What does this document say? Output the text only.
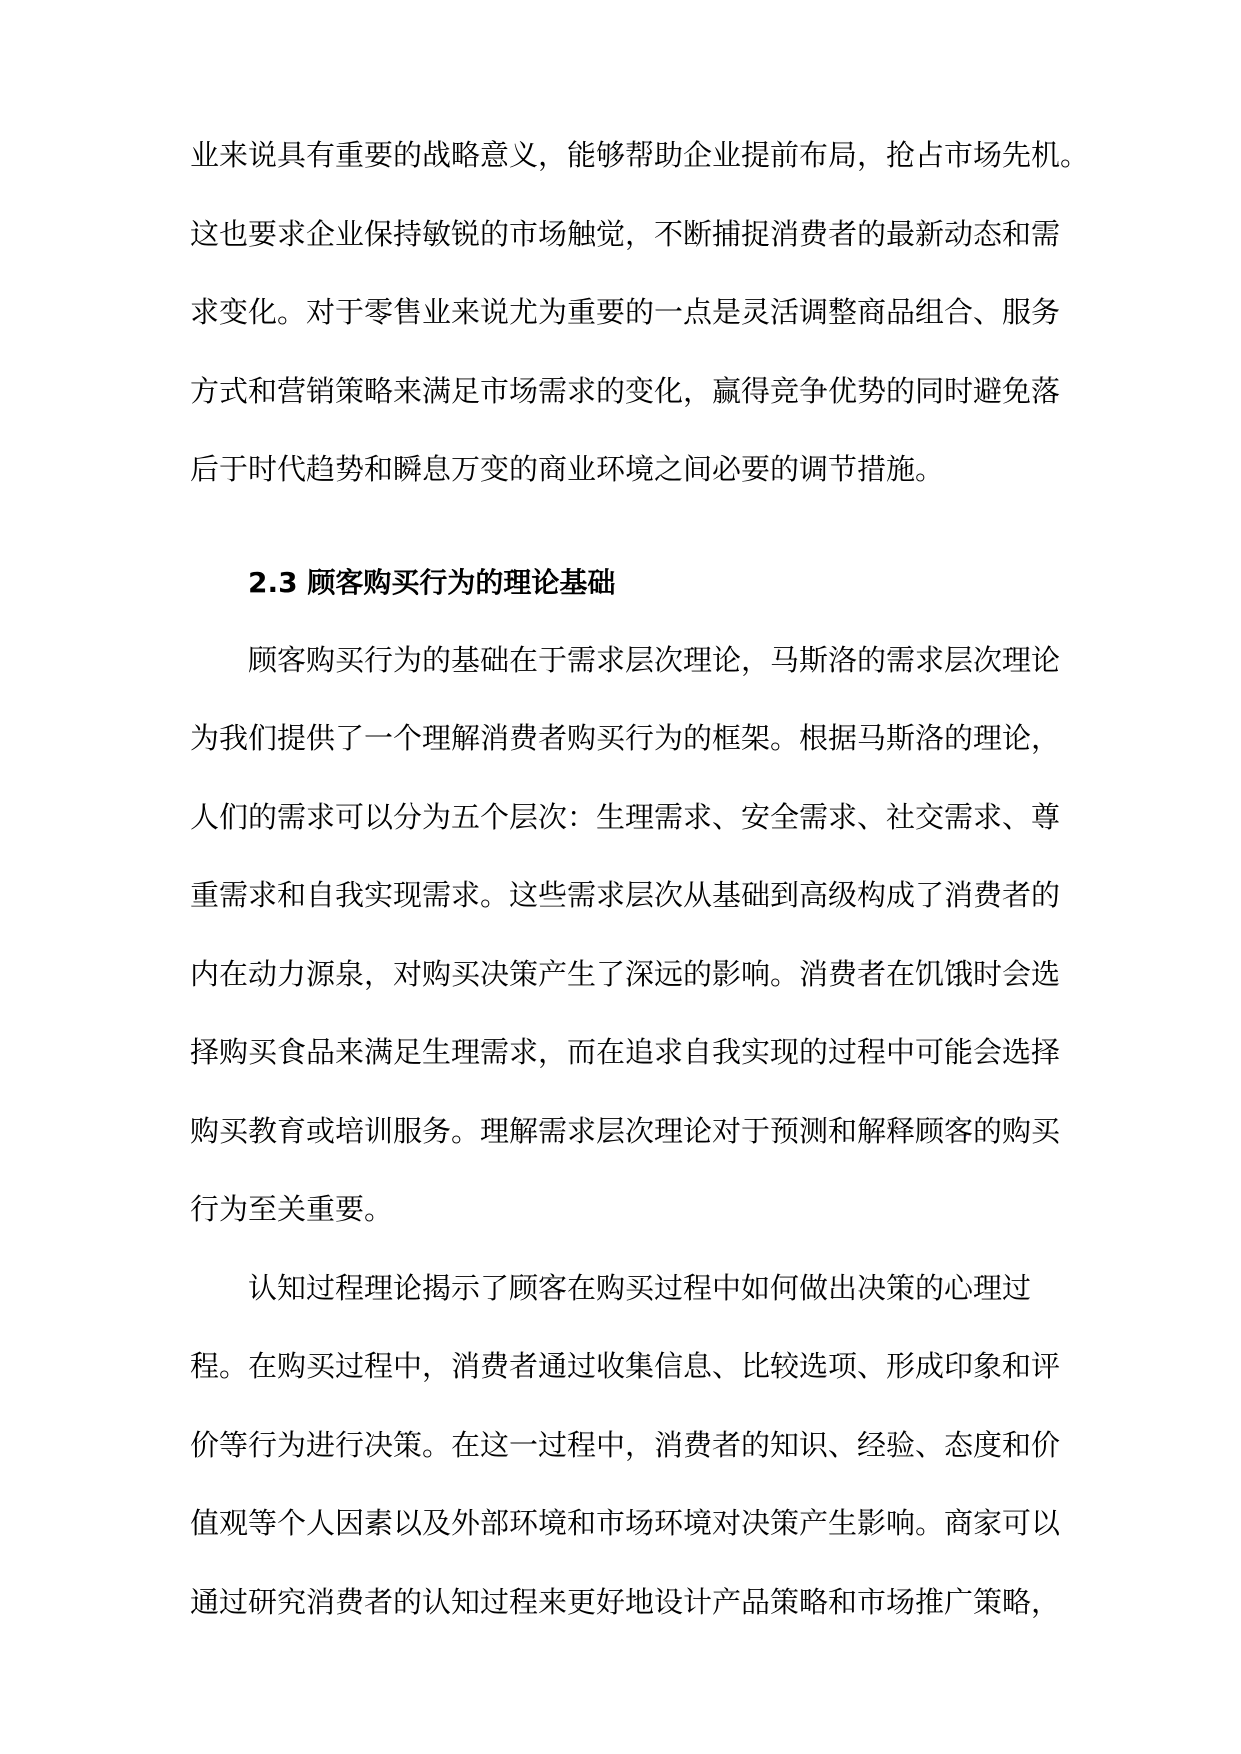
业来说具有重要的战略意义，能够帮助企业提前布局，抢占市场先机。
这也要求企业保持敏锐的市场触觉，不断捕捉消费者的最新动态和需
求变化。对于零售业来说尤为重要的一点是灵活调整商品组合、服务
方式和营销策略来满足市场需求的变化，赢得竞争优势的同时避免落
后于时代趋势和瞬息万变的商业环境之间必要的调节措施。
2.3 顾客购买行为的理论基础
顾客购买行为的基础在于需求层次理论，马斯洛的需求层次理论
为我们提供了一个理解消费者购买行为的框架。根据马斯洛的理论，
人们的需求可以分为五个层次：生理需求、安全需求、社交需求、尊
重需求和自我实现需求。这些需求层次从基础到高级构成了消费者的
内在动力源泉，对购买决策产生了深远的影响。消费者在饥饿时会选
择购买食品来满足生理需求，而在追求自我实现的过程中可能会选择
购买教育或培训服务。理解需求层次理论对于预测和解释顾客的购买
行为至关重要。
认知过程理论揭示了顾客在购买过程中如何做出决策的心理过
程。在购买过程中，消费者通过收集信息、比较选项、形成印象和评
价等行为进行决策。在这一过程中，消费者的知识、经验、态度和价
值观等个人因素以及外部环境和市场环境对决策产生影响。商家可以
通过研究消费者的认知过程来更好地设计产品策略和市场推广策略，
